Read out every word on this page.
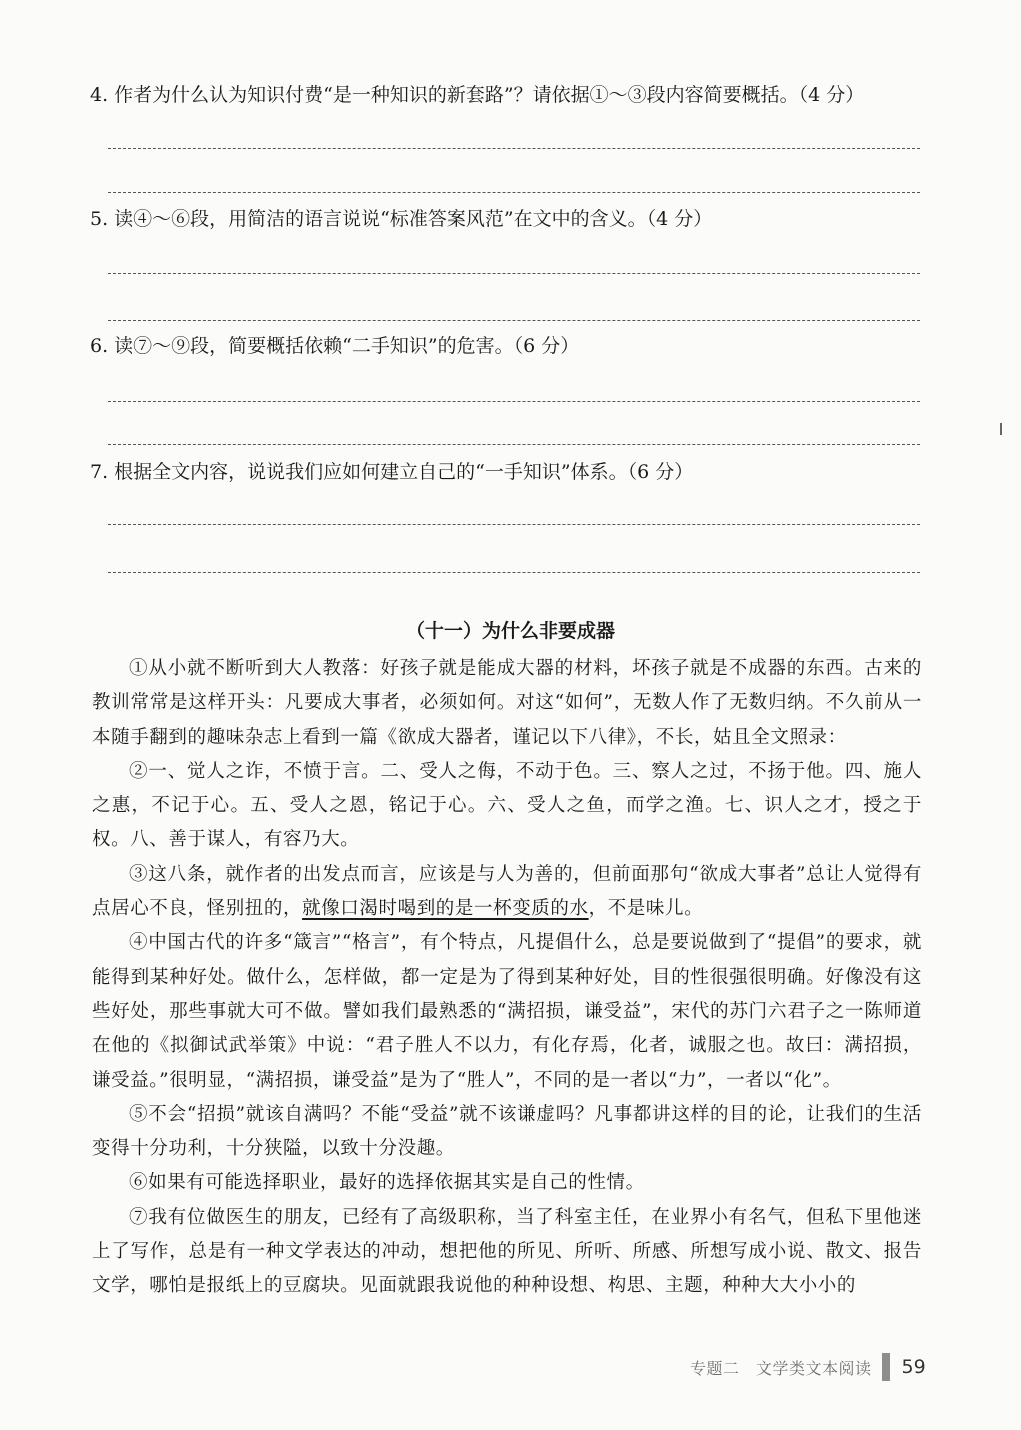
4. 作者为什么认为知识付费“是一种知识的新套路”？请依据①～③段内容简要概括。（4 分）
5. 读④～⑥段，用简洁的语言说说“标准答案风范”在文中的含义。（4 分）
6. 读⑦～⑨段，简要概括依赖“二手知识”的危害。（6 分）
7. 根据全文内容，说说我们应如何建立自己的“一手知识”体系。（6 分）
（十一）为什么非要成器

①从小就不断听到大人教落：好孩子就是能成大器的材料，坏孩子就是不成器的东西。古来的教训常常是这样开头：凡要成大事者，必须如何。对这“如何”，无数人作了无数归纳。不久前从一本随手翻到的趣味杂志上看到一篇《欲成大器者，谨记以下八律》，不长，姑且全文照录：

②一、觉人之诈，不愤于言。二、受人之侮，不动于色。三、察人之过，不扬于他。四、施人之惠，不记于心。五、受人之恩，铭记于心。六、受人之鱼，而学之渔。七、识人之才，授之于权。八、善于谋人，有容乃大。

③这八条，就作者的出发点而言，应该是与人为善的，但前面那句“欲成大事者”总让人觉得有点居心不良，怪别扭的，就像口渴时喝到的是一杯变质的水，不是味儿。

④中国古代的许多“箴言”“格言”，有个特点，凡提倡什么，总是要说做到了“提倡”的要求，就能得到某种好处。做什么，怎样做，都一定是为了得到某种好处，目的性很强很明确。好像没有这些好处，那些事就大可不做。譬如我们最熟悉的“满招损，谦受益”，宋代的苏门六君子之一陈师道在他的《拟御试武举策》中说：“君子胜人不以力，有化存焉，化者，诚服之也。故曰：满招损，谦受益。”很明显，“满招损，谦受益”是为了“胜人”，不同的是一者以“力”，一者以“化”。

⑤不会“招损”就该自满吗？不能“受益”就不该谦虚吗？凡事都讲这样的目的论，让我们的生活变得十分功利，十分狭隘，以致十分没趣。

⑥如果有可能选择职业，最好的选择依据其实是自己的性情。

⑦我有位做医生的朋友，已经有了高级职称，当了科室主任，在业界小有名气，但私下里他迷上了写作，总是有一种文学表达的冲动，想把他的所见、所听、所感、所想写成小说、散文、报告文学，哪怕是报纸上的豆腐块。见面就跟我说他的种种设想、构思、主题，种种大大小小的

专题二　文学类文本阅读 59
